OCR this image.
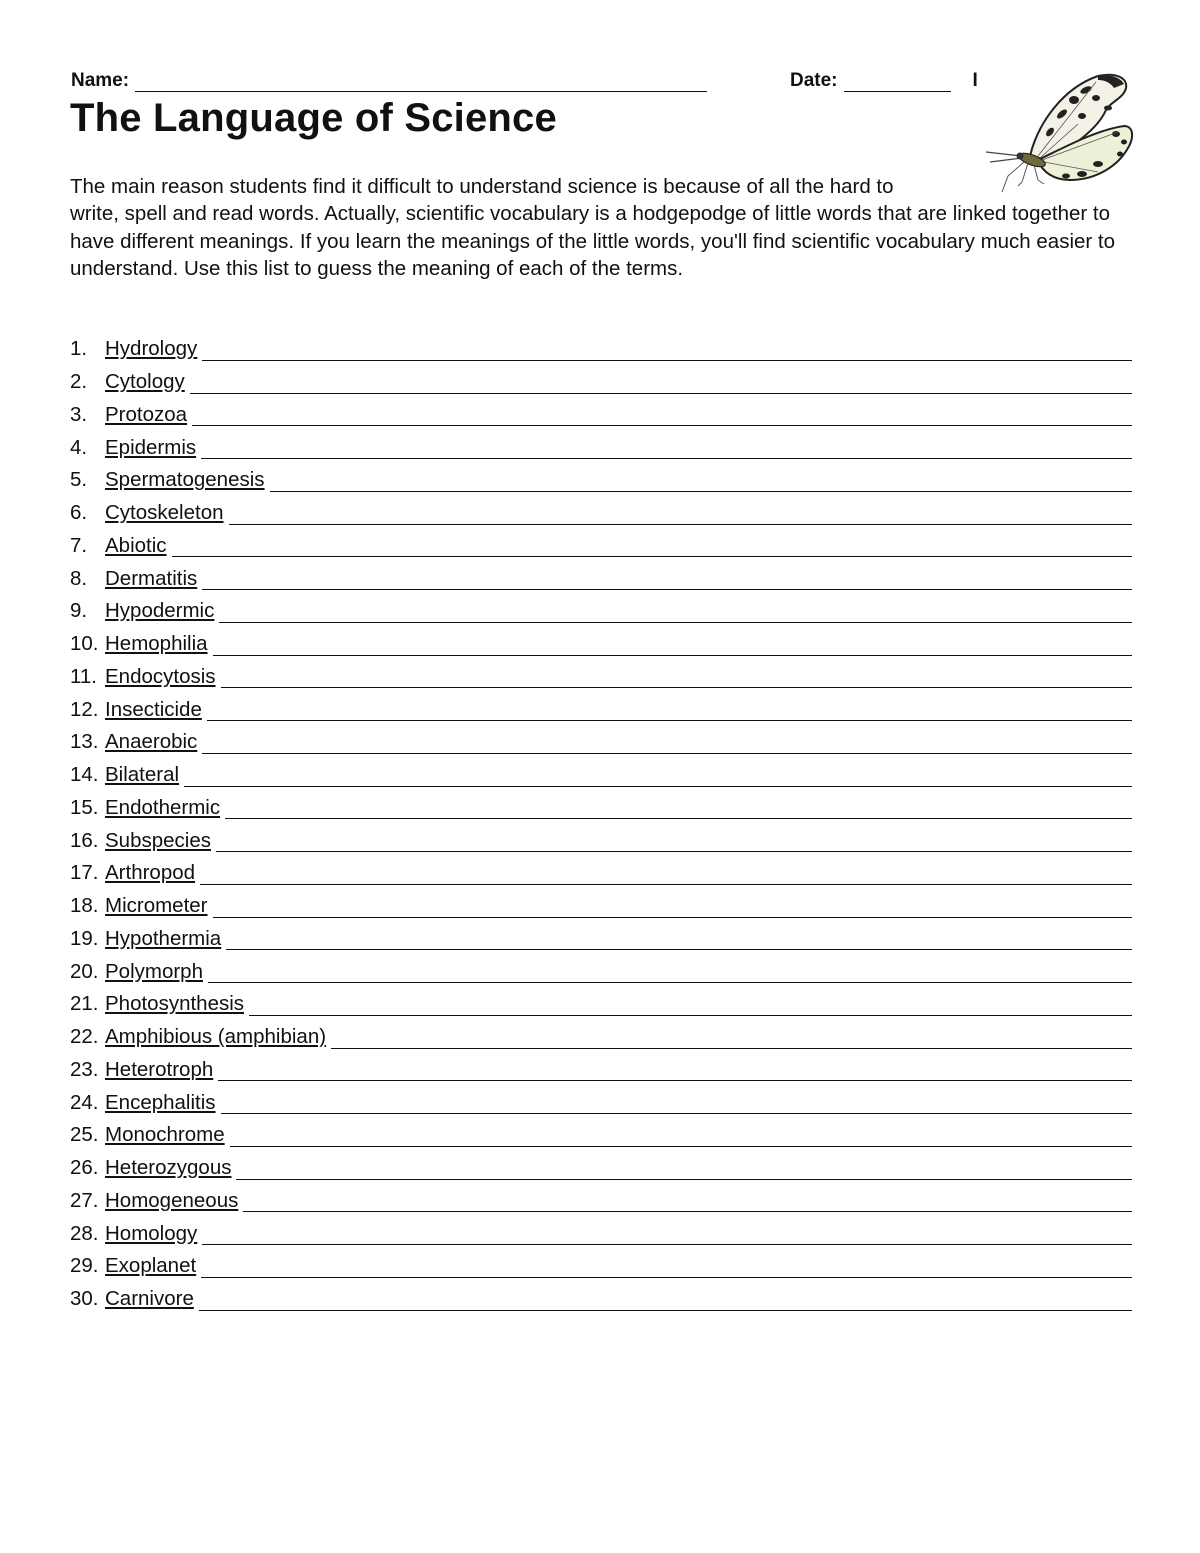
Name:	Date:	I
The Language of Science

The main reason students find it difficult to understand science is because of all the hard to write, spell and read words. Actually, scientific vocabulary is a hodgepodge of little words that are linked together to have different meanings. If you learn the meanings of the little words, you'll find scientific vocabulary much easier to understand. Use this list to guess the meaning of each of the terms.

1. Hydrology
2. Cytology
3. Protozoa
4. Epidermis
5. Spermatogenesis
6. Cytoskeleton
7. Abiotic
8. Dermatitis
9. Hypodermic
10. Hemophilia
11. Endocytosis
12. Insecticide
13. Anaerobic
14. Bilateral
15. Endothermic
16. Subspecies
17. Arthropod
18. Micrometer
19. Hypothermia
20. Polymorph
21. Photosynthesis
22. Amphibious (amphibian)
23. Heterotroph
24. Encephalitis
25. Monochrome
26. Heterozygous
27. Homogeneous
28. Homology
29. Exoplanet
30. Carnivore
